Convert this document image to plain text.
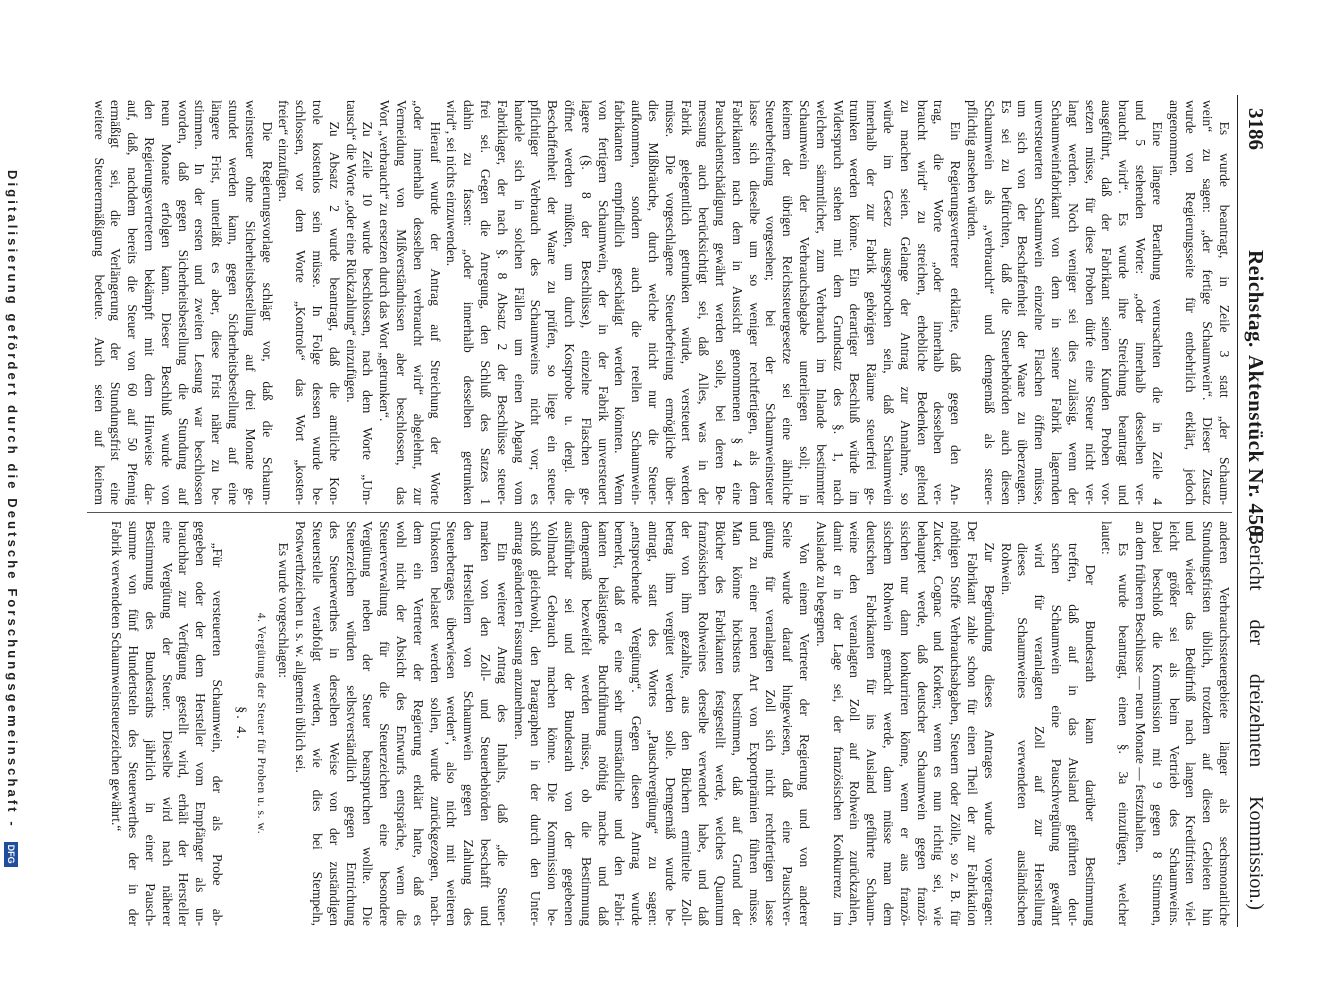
3186
Reichstag.
Aktenstück Nr. 459.
(Bericht der dreizehnten Kommission.)
Es wurde beantragt, in Zeile 3 statt „der Schaum-
wein“ zu sagen: „der fertige Schaumwein“. Dieser Zusatz
wurde von Regierungsseite für entbehrlich erklärt, jedoch
angenommen.
Eine längere Berathung verursachten die in Zeile 4
und 5 stehenden Worte: „oder innerhalb desselben ver-
braucht wird“. Es wurde ihre Streichung beantragt und
ausgeführt, daß der Fabrikant seinen Kunden Proben vor-
setzen müsse, für diese Proben dürfe eine Steuer nicht ver-
langt werden. Noch weniger sei dies zulässig, wenn der
Schaumweinfabrikant von dem in seiner Fabrik lagernden
unversteuerten Schaumwein einzelne Flaschen öffnen müsse,
um sich von der Beschaffenheit der Waare zu überzeugen.
Es sei zu befürchten, daß die Steuerbehörden auch diesen
Schaumwein als „verbraucht“ und demgemäß als steuer-
pflichtig ansehen würden.
Ein Regierungsvertreter erklärte, daß gegen den An-
trag, die Worte „oder innerhalb desselben ver-
braucht wird“ zu streichen, erhebliche Bedenken geltend
zu machen seien. Gelange der Antrag zur Annahme, so
würde im Gesetz ausgesprochen sein, daß Schaumwein
innerhalb der zur Fabrik gehörigen Räume steuerfrei ge-
trunken werden könne. Ein derartiger Beschluß würde im
Widerspruch stehen mit dem Grundsatz des §. 1, nach
welchem sämmtlicher, zum Verbrauch im Inlande bestimmter
Schaumwein der Verbrauchsabgabe unterliegen soll; in
keinem der übrigen Reichssteuergesetze sei eine ähnliche
Steuerbefreiung vorgesehen; bei der Schaumweinsteuer
lasse sich dieselbe um so weniger rechtfertigen, als dem
Fabrikanten nach dem in Aussicht genommenen § 4 eine
Pauschalentschädigung gewährt werden solle, bei deren Be-
messung auch berücksichtigt sei, daß Alles, was in der
Fabrik gelegentlich getrunken würde, versteuert werden
müsse. Die vorgeschlagene Steuerbefreiung ermögliche über-
dies Mißbräuche, durch welche nicht nur die Steuer-
aufkommen, sondern auch die reellen Schaumwein-
fabrikanten empfindlich geschädigt werden könnten. Wenn
von fertigem Schaumwein, der in der Fabrik unversteuert
lagere (§. 8 der Beschlüsse), einzelne Flaschen ge-
öffnet werden müßten, um durch Kostprobe u. dergl. die
Beschaffenheit der Waare zu prüfen, so liege ein steuer-
pflichtiger Verbrauch des Schaumweins nicht vor; es
handele sich in solchen Fällen um einen Abgang vom
Fabriklager, der nach §. 8 Absatz 2 der Beschlüsse steuer-
frei sei. Gegen die Anregung, den Schluß des Satzes 1
dahin zu fassen: „oder innerhalb desselben getrunken
wird“, sei nichts einzuwenden.
Hierauf wurde der Antrag auf Streichung der Worte
„oder innerhalb desselben verbraucht wird“ abgelehnt, zur
Vermeidung von Mißverständnissen aber beschlossen, das
Wort „verbraucht“ zu ersetzen durch das Wort „getrunken“.
Zu Zeile 10 wurde beschlossen, nach dem Worte „Um-
tausch“ die Worte „oder eine Rückzahlung“ einzufügen.
Zu Absatz 2 wurde beantragt, daß die amtliche Kon-
trole kostenlos sein müsse. In Folge dessen wurde be-
schlossen, vor dem Worte „Kontrole“ das Wort „kosten-
freier“ einzufügen.
Die Regierungsvorlage schlägt vor, daß die Schaum-
weinsteuer ohne Sicherheitsbestellung auf drei Monate ge-
stundet werden kann, gegen Sicherheitsbestellung auf eine
längere Frist, unterläßt es aber, diese Frist näher zu be-
stimmen. In der ersten und zweiten Lesung war beschlossen
worden, daß gegen Sicherheitsbestellung die Stundung auf
neun Monate erfolgen kann. Dieser Beschluß wurde von
den Regierungsvertretern bekämpft mit dem Hinweise dar-
auf, daß, nachdem bereits die Steuer von 60 auf 50 Pfennig
ermäßigt sei, die Verlängerung der Stundungsfrist eine
weitere Steuerermäßigung bedeute. Auch seien auf keinem
anderen Verbrauchssteuergebiete länger als sechsmonatliche
Stundungsfristen üblich, trotzdem auf diesen Gebieten hin
und wieder das Bedürfniß nach langen Kreditfristen viel-
leicht größer sei als beim Vertrieb des Schaumweins.
Dabei beschloß die Kommission mit 9 gegen 8 Stimmen,
an dem früheren Beschlusse — neun Monate — festzuhalten.
Es wurde beantragt, einen §. 3a einzufügen, welcher
lautet:
Der Bundesrath kann darüber Bestimmung
treffen, daß auf in das Ausland geführten deut-
schen Schaumwein eine Pauschvergütung gewährt
wird für veranlagten Zoll auf zur Herstellung
dieses Schaumweines verwendeten ausländischen
Rohwein.
Zur Begründung dieses Antrages wurde vorgetragen:
Der Fabrikant zahle schon für einen Theil der zur Fabrikation
nöthigen Stoffe Verbrauchsabgaben, Steuern oder Zölle, so z. B. für
Zucker, Cognac und Korken; wenn es nun richtig sei, wie
behauptet werde, daß deutscher Schaumwein gegen franzö-
sischen nur dann konkurriren könne, wenn er aus franzö-
sischem Rohwein gemacht werde, dann müsse man dem
deutschen Fabrikanten für ins Ausland geführte Schaum-
weine den veranlagten Zoll auf Rohwein zurückzahlen,
damit er in der Lage sei, der französischen Konkurrenz im
Auslande zu begegnen.
Von einem Vertreter der Regierung und von anderer
Seite wurde darauf hingewiesen, daß eine Pauschver-
gütung für veranlagten Zoll sich nicht rechtfertigen lasse
und zu einer neuen Art von Exportprämien führen müsse.
Man könne höchstens bestimmen, daß auf Grund der
Bücher des Fabrikanten festgestellt werde, welches Quantum
französischen Rohweines derselbe verwendet habe, und daß
der von ihm gezahlte, aus den Büchern ermittelte Zoll-
betrag ihm vergütet werden solle. Demgemäß wurde be-
antragt, statt des Wortes „Pauschvergütung“ zu sagen:
„entsprechende Vergütung“. Gegen diesen Antrag wurde
bemerkt, daß er eine sehr umständliche und den Fabri-
kanten belästigende Buchführung nöthig mache und daß
demgemäß bezweifelt werden müsse, ob die Bestimmung
ausführbar sei und der Bundesrath von der gegebenen
Vollmacht Gebrauch machen könne. Die Kommission be-
schloß gleichwohl, den Paragraphen in der durch den Unter-
antrag geänderten Fassung anzunehmen.
Ein weiterer Antrag des Inhalts, daß „die Steuer-
marken von den Zoll- und Steuerbehörden beschafft und
den Herstellern von Schaumwein gegen Zahlung des
Steuerbetrages überwiesen werden“, also nicht mit weiteren
Unkosten belastet werden sollen, wurde zurückgezogen, nach-
dem ein Vertreter der Regierung erklärt hatte, daß es
wohl nicht der Absicht des Entwurfs entspräche, wenn die
Steuerverwaltung für die Steuerzeichen eine besondere
Vergütung neben der Steuer beanspruchen wollte. Die
Steuerzeichen würden selbstverständlich gegen Entrichtung
des Steuerwerthes in derselben Weise von der zuständigen
Steuerstelle verabfolgt werden, wie dies bei Stempeln,
Postwerthzeichen u. s. w. allgemein üblich sei.
Es wurde vorgeschlagen:
4. Vergütung der Steuer für Proben u. s. w.
§. 4.
„Für versteuerten Schaumwein, der als Probe ab-
gegeben oder der dem Hersteller vom Empfänger als un-
brauchbar zur Verfügung gestellt wird, erhält der Hersteller
eine Vergütung der Steuer. Dieselbe wird nach näherer
Bestimmung des Bundesraths jährlich in einer Pausch-
summe von fünf Hundertsteln des Steuerwerthes der in der
Fabrik verwendeten Schaumweinsteuerzeichen gewährt.“
Digitalisierung gefördert durch die Deutsche Forschungsgemeinschaft - DFG
